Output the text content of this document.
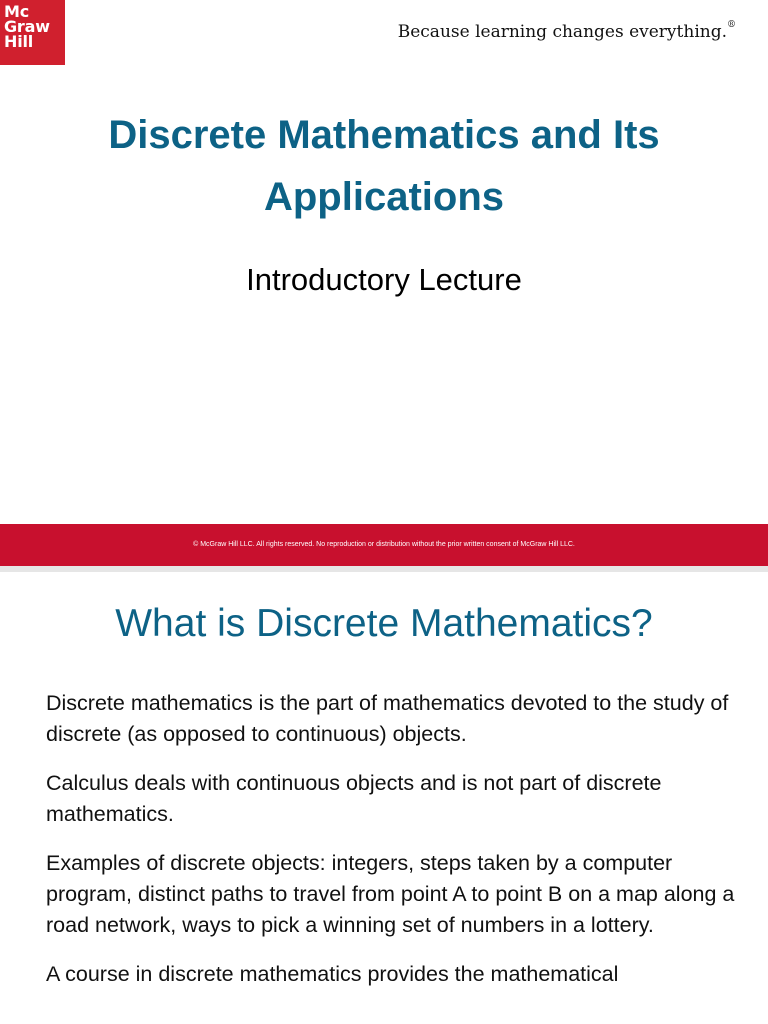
Mc
Graw
Hill	Because learning changes everything.®
Discrete Mathematics and Its
Applications
Introductory Lecture
© McGraw Hill LLC. All rights reserved. No reproduction or distribution without the prior written consent of McGraw Hill LLC.
What is Discrete Mathematics?

Discrete mathematics is the part of mathematics devoted to the study of discrete (as opposed to continuous) objects.

Calculus deals with continuous objects and is not part of discrete mathematics.

Examples of discrete objects: integers, steps taken by a computer program, distinct paths to travel from point A to point B on a map along a road network, ways to pick a winning set of numbers in a lottery.

A course in discrete mathematics provides the mathematical
